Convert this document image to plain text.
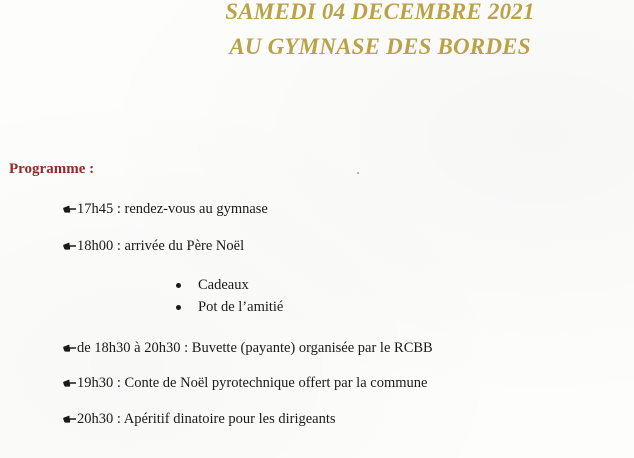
SAMEDI 04 DECEMBRE 2021
AU GYMNASE DES BORDES

Programme :

17h45 : rendez-vous au gymnase
18h00 : arrivée du Père Noël
Cadeaux
Pot de l’amitié
de 18h30 à 20h30 : Buvette (payante) organisée par le RCBB
19h30 : Conte de Noël pyrotechnique offert par la commune
20h30 : Apéritif dinatoire pour les dirigeants
